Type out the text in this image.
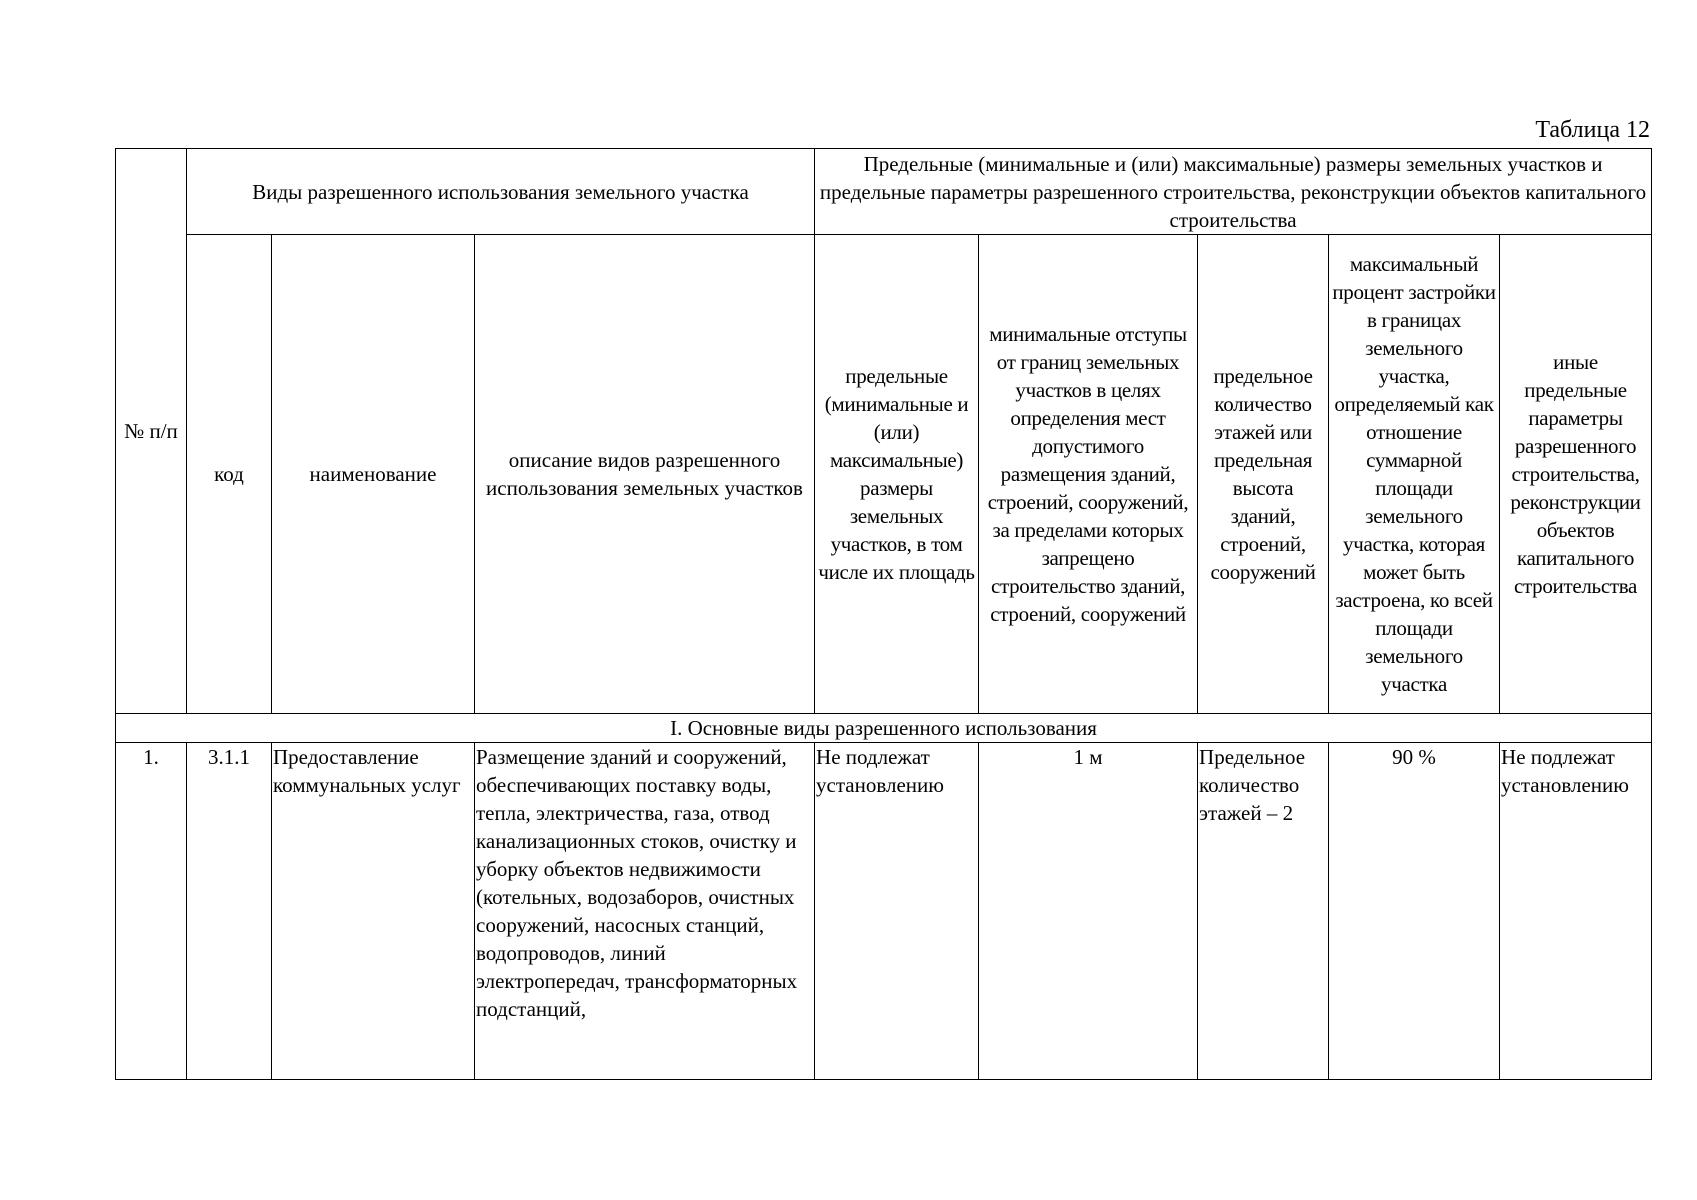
Таблица 12
№ п/п	Виды разрешенного использования земельного участка			Предельные (минимальные и (или) максимальные) размеры земельных участков и предельные параметры разрешенного строительства, реконструкции объектов капитального строительства				
	код	наименование	описание видов разрешенного использования земельных участков	предельные (минимальные и (или) максимальные) размеры земельных участков, в том числе их площадь	минимальные отступы от границ земельных участков в целях определения мест допустимого размещения зданий, строений, сооружений, за пределами которых запрещено строительство зданий, строений, сооружений	предельное количество этажей или предельная высота зданий, строений, сооружений	максимальный процент застройки в границах земельного участка, определяемый как отношение суммарной площади земельного участка, которая может быть застроена, ко всей площади земельного участка	иные предельные параметры разрешенного строительства, реконструкции объектов капитального строительства
I. Основные виды разрешенного использования								
1.	3.1.1	Предоставление коммунальных услуг	Размещение зданий и сооружений, обеспечивающих поставку воды, тепла, электричества, газа, отвод канализационных стоков, очистку и уборку объектов недвижимости (котельных, водозаборов, очистных сооружений, насосных станций, водопроводов, линий электропередач, трансформаторных подстанций,	Не подлежат установлению	1 м	Предельное количество этажей – 2	90 %	Не подлежат установлению
